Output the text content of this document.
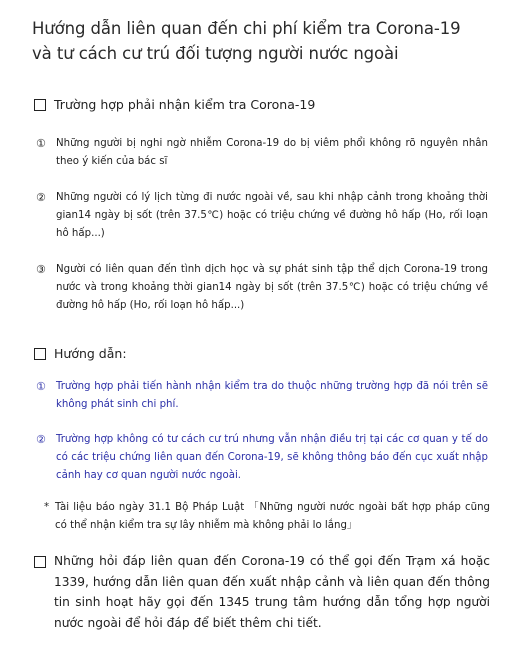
Hướng dẫn liên quan đến chi phí kiểm tra Corona-19
và tư cách cư trú đối tượng người nước ngoài
Trường hợp phải nhận kiểm tra Corona-19
① Những người bị nghi ngờ nhiễm Corona-19 do bị viêm phổi không rõ nguyên nhân theo ý kiến của bác sĩ
② Những người có lý lịch từng đi nước ngoài về, sau khi nhập cảnh trong khoảng thời gian14 ngày bị sốt (trên 37.5℃) hoặc có triệu chứng về đường hô hấp (Ho, rối loạn hô hấp...)
③ Người có liên quan đến tình dịch học và sự phát sinh tập thể dịch Corona-19 trong nước và trong khoảng thời gian14 ngày bị sốt (trên 37.5℃) hoặc có triệu chứng về đường hô hấp (Ho, rối loạn hô hấp...)
Hướng dẫn:
① Trường hợp phải tiến hành nhận kiểm tra do thuộc những trường hợp đã nói trên sẽ không phát sinh chi phí.
② Trường hợp không có tư cách cư trú nhưng vẫn nhận điều trị tại các cơ quan y tế do có các triệu chứng liên quan đến Corona-19, sẽ không thông báo đến cục xuất nhập cảnh hay cơ quan người nước ngoài.
* Tài liệu báo ngày 31.1 Bộ Pháp Luật 「Những người nước ngoài bất hợp pháp cũng có thể nhận kiểm tra sự lây nhiễm mà không phải lo lắng」
Những hỏi đáp liên quan đến Corona-19 có thể gọi đến Trạm xá hoặc 1339, hướng dẫn liên quan đến xuất nhập cảnh và liên quan đến thông tin sinh hoạt hãy gọi đến 1345 trung tâm hướng dẫn tổng hợp người nước ngoài để hỏi đáp để biết thêm chi tiết.
